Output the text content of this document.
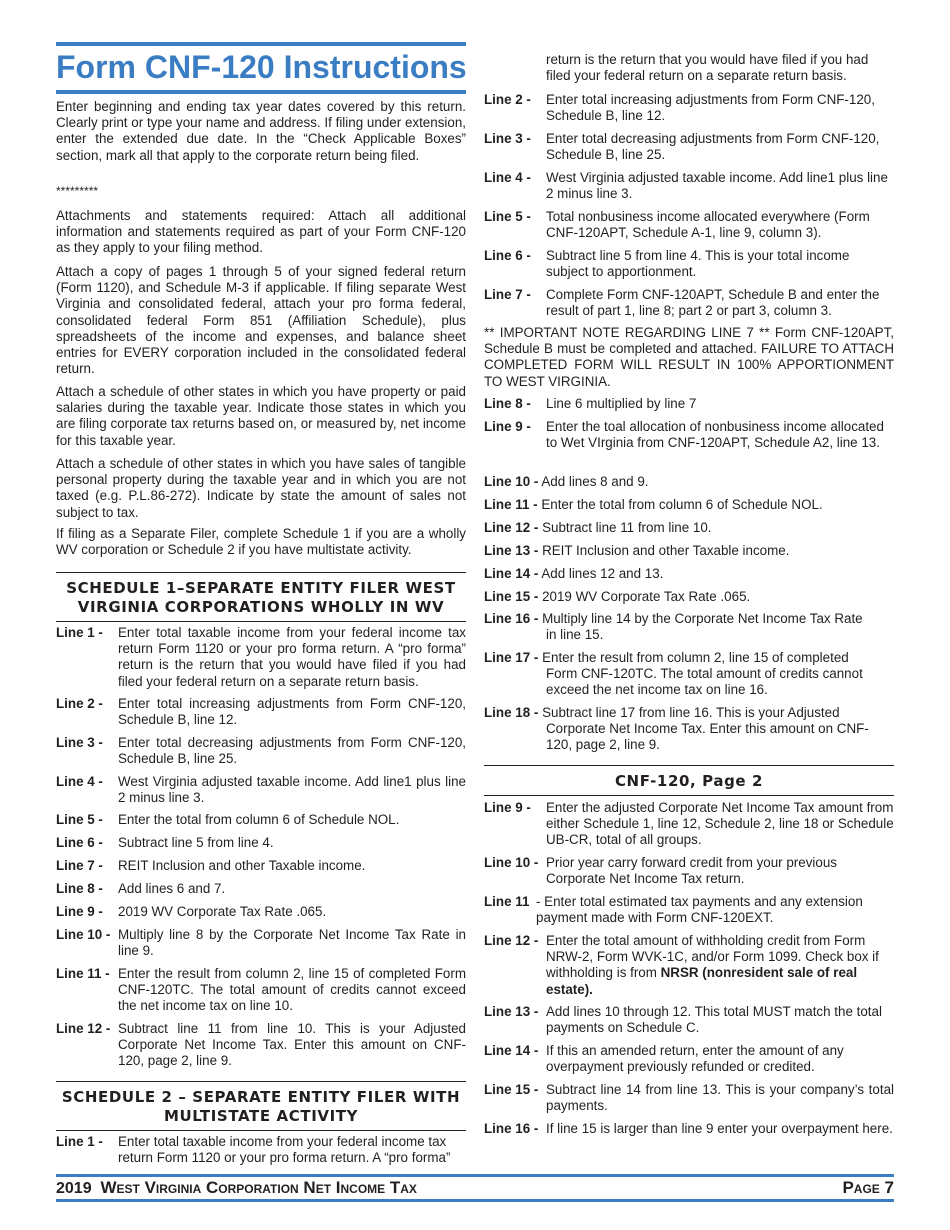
Form CNF-120 Instructions

Enter beginning and ending tax year dates covered by this return. Clearly print or type your name and address. If filing under extension, enter the extended due date. In the “Check Applicable Boxes” section, mark all that apply to the corporate return being filed.

*********

Attachments and statements required: Attach all additional information and statements required as part of your Form CNF-120 as they apply to your filing method.

Attach a copy of pages 1 through 5 of your signed federal return (Form 1120), and Schedule M-3 if applicable. If filing separate West Virginia and consolidated federal, attach your pro forma federal, consolidated federal Form 851 (Affiliation Schedule), plus spreadsheets of the income and expenses, and balance sheet entries for EVERY corporation included in the consolidated federal return.

Attach a schedule of other states in which you have property or paid salaries during the taxable year. Indicate those states in which you are filing corporate tax returns based on, or measured by, net income for this taxable year.

Attach a schedule of other states in which you have sales of tangible personal property during the taxable year and in which you are not taxed (e.g. P.L.86-272). Indicate by state the amount of sales not subject to tax.

If filing as a Separate Filer, complete Schedule 1 if you are a wholly WV corporation or Schedule 2 if you have multistate activity.

SCHEDULE 1–SEPARATE ENTITY FILER WEST VIRGINIA CORPORATIONS WHOLLY IN WV
Line 1 - Enter total taxable income from your federal income tax return Form 1120 or your pro forma return. A “pro forma” return is the return that you would have filed if you had filed your federal return on a separate return basis.

Line 2 - Enter total increasing adjustments from Form CNF-120, Schedule B, line 12.

Line 3 - Enter total decreasing adjustments from Form CNF-120, Schedule B, line 25.

Line 4 - West Virginia adjusted taxable income. Add line1 plus line 2 minus line 3.

Line 5 - Enter the total from column 6 of Schedule NOL.

Line 6 - Subtract line 5 from line 4.

Line 7 - REIT Inclusion and other Taxable income.

Line 8 - Add lines 6 and 7.

Line 9 - 2019 WV Corporate Tax Rate .065.

Line 10 - Multiply line 8 by the Corporate Net Income Tax Rate in line 9.

Line 11 - Enter the result from column 2, line 15 of completed Form CNF-120TC. The total amount of credits cannot exceed the net income tax on line 10.

Line 12 - Subtract line 11 from line 10. This is your Adjusted Corporate Net Income Tax. Enter this amount on CNF-120, page 2, line 9.

SCHEDULE 2 – SEPARATE ENTITY FILER WITH MULTISTATE ACTIVITY
Line 1 - Enter total taxable income from your federal income tax return Form 1120 or your pro forma return. A “pro forma”

return is the return that you would have filed if you had filed your federal return on a separate return basis.

Line 2 - Enter total increasing adjustments from Form CNF-120, Schedule B, line 12.

Line 3 - Enter total decreasing adjustments from Form CNF-120, Schedule B, line 25.

Line 4 - West Virginia adjusted taxable income. Add line1 plus line 2 minus line 3.

Line 5 - Total nonbusiness income allocated everywhere (Form CNF-120APT, Schedule A-1, line 9, column 3).

Line 6 - Subtract line 5 from line 4. This is your total income subject to apportionment.

Line 7 - Complete Form CNF-120APT, Schedule B and enter the result of part 1, line 8; part 2 or part 3, column 3.

** IMPORTANT NOTE REGARDING LINE 7 ** Form CNF-120APT, Schedule B must be completed and attached. FAILURE TO ATTACH COMPLETED FORM WILL RESULT IN 100% APPORTIONMENT TO WEST VIRGINIA.

Line 8 - Line 6 multiplied by line 7

Line 9 - Enter the toal allocation of nonbusiness income allocated to Wet VIrginia from CNF-120APT, Schedule A2, line 13.

Line 10 - Add lines 8 and 9.
Line 11 - Enter the total from column 6 of Schedule NOL.
Line 12 - Subtract line 11 from line 10.
Line 13 - REIT Inclusion and other Taxable income.
Line 14 - Add lines 12 and 13.
Line 15 - 2019 WV Corporate Tax Rate .065.
Line 16 - Multiply line 14 by the Corporate Net Income Tax Rate
in line 15.
Line 17 - Enter the result from column 2, line 15 of completed
Form CNF-120TC. The total amount of credits cannot
exceed the net income tax on line 16.
Line 18 - Subtract line 17 from line 16. This is your Adjusted
Corporate Net Income Tax. Enter this amount on CNF-
120, page 2, line 9.
CNF-120, Page 2
Line 9 - Enter the adjusted Corporate Net Income Tax amount from either Schedule 1, line 12, Schedule 2, line 18 or Schedule UB-CR, total of all groups.

Line 10 - Prior year carry forward credit from your previous Corporate Net Income Tax return.

Line 11 - Enter total estimated tax payments and any extension payment made with Form CNF-120EXT.

Line 12 - Enter the total amount of withholding credit from Form NRW-2, Form WVK-1C, and/or Form 1099. Check box if withholding is from NRSR (nonresident sale of real estate).

Line 13 - Add lines 10 through 12. This total MUST match the total payments on Schedule C.

Line 14 - If this an amended return, enter the amount of any overpayment previously refunded or credited.

Line 15 - Subtract line 14 from line 13. This is your company’s total payments.

Line 16 - If line 15 is larger than line 9 enter your overpayment here.

2019 West Virginia Corporation Net Income Tax	Page 7
